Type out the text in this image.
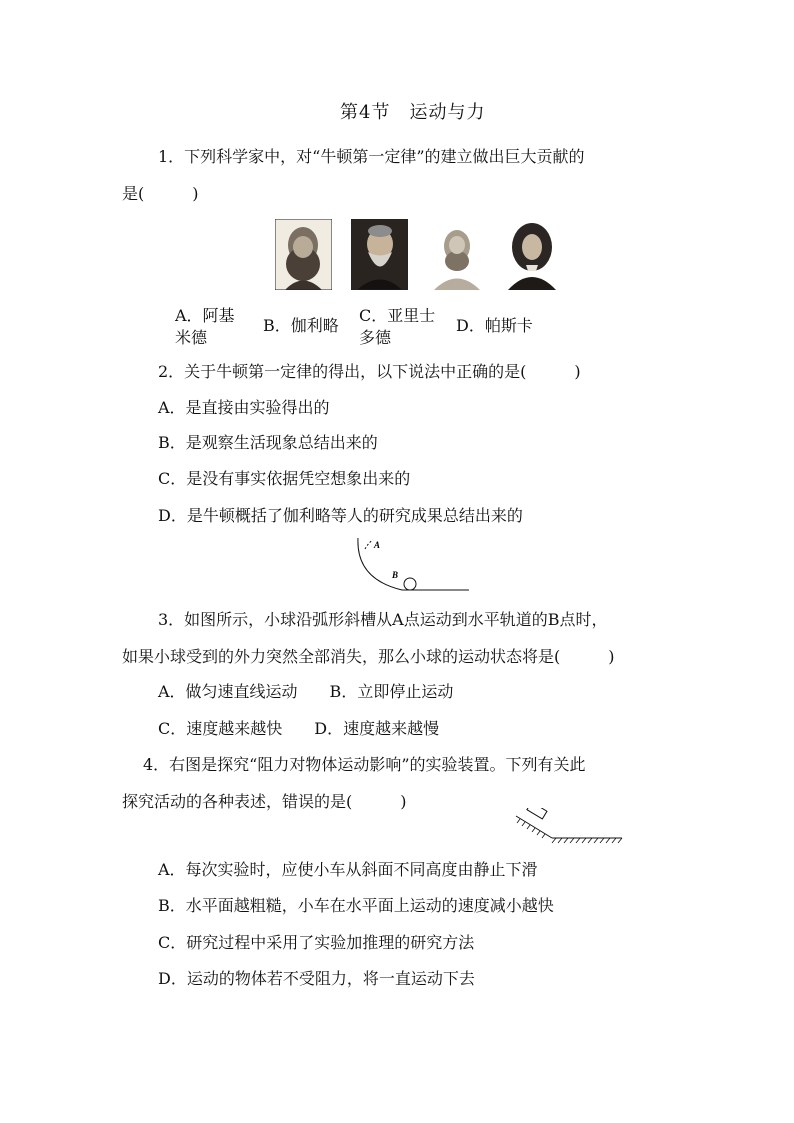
第4节　运动与力
1．下列科学家中，对“牛顿第一定律”的建立做出巨大贡献的
是(　　　)
A．阿基
米德
B．伽利略
C．亚里士
多德
D．帕斯卡
2．关于牛顿第一定律的得出，以下说法中正确的是(　　　)
A．是直接由实验得出的
B．是观察生活现象总结出来的
C．是没有事实依据凭空想象出来的
D．是牛顿概括了伽利略等人的研究成果总结出来的
A
B
3．如图所示，小球沿弧形斜槽从A点运动到水平轨道的B点时，
如果小球受到的外力突然全部消失，那么小球的运动状态将是(　　　)
A．做匀速直线运动　　B．立即停止运动
C．速度越来越快　　D．速度越来越慢
4．右图是探究“阻力对物体运动影响”的实验装置。下列有关此
探究活动的各种表述，错误的是(　　　)
A．每次实验时，应使小车从斜面不同高度由静止下滑
B．水平面越粗糙，小车在水平面上运动的速度减小越快
C．研究过程中采用了实验加推理的研究方法
D．运动的物体若不受阻力，将一直运动下去
